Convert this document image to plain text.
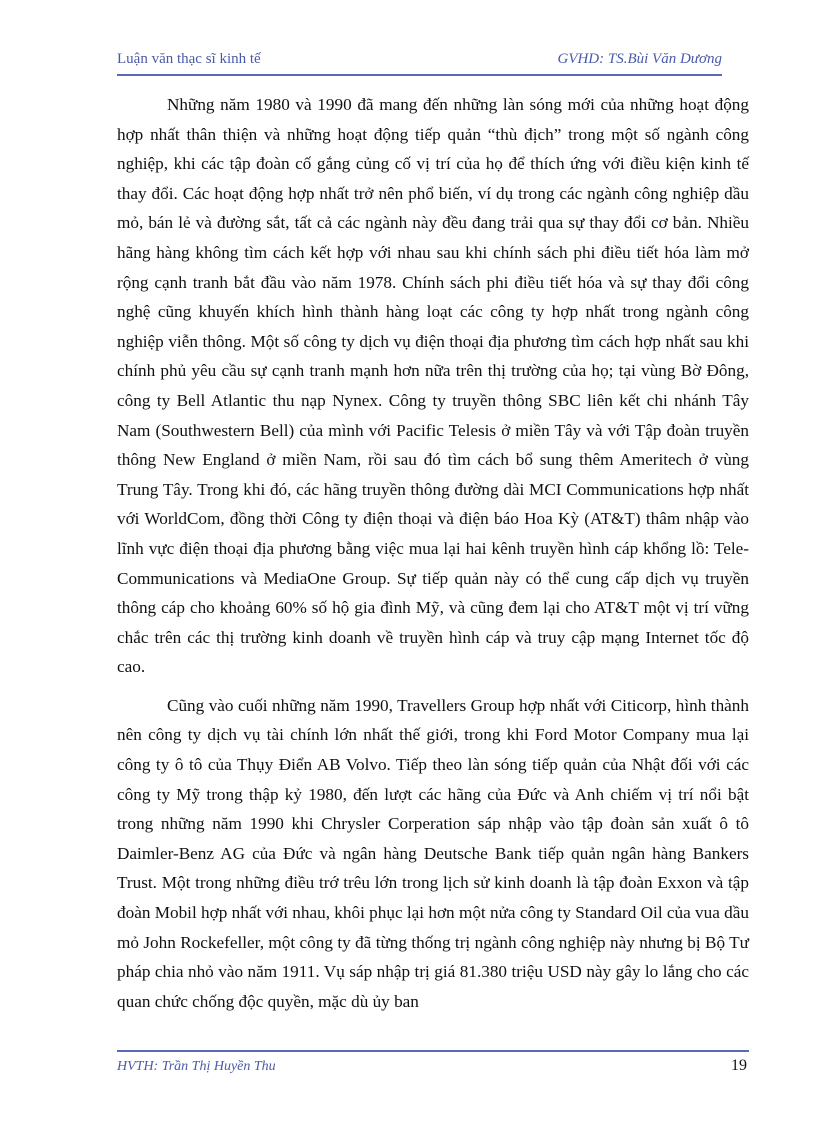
Luận văn thạc sĩ kinh tế	GVHD: TS.Bùi Văn Dương

Những năm 1980 và 1990 đã mang đến những làn sóng mới của những hoạt động hợp nhất thân thiện và những hoạt động tiếp quản “thù địch” trong một số ngành công nghiệp, khi các tập đoàn cố gắng củng cố vị trí của họ để thích ứng với điều kiện kinh tế thay đổi. Các hoạt động hợp nhất trở nên phổ biến, ví dụ trong các ngành công nghiệp dầu mỏ, bán lẻ và đường sắt, tất cả các ngành này đều đang trải qua sự thay đổi cơ bản. Nhiều hãng hàng không tìm cách kết hợp với nhau sau khi chính sách phi điều tiết hóa làm mở rộng cạnh tranh bắt đầu vào năm 1978. Chính sách phi điều tiết hóa và sự thay đổi công nghệ cũng khuyến khích hình thành hàng loạt các công ty hợp nhất trong ngành công nghiệp viễn thông. Một số công ty dịch vụ điện thoại địa phương tìm cách hợp nhất sau khi chính phủ yêu cầu sự cạnh tranh mạnh hơn nữa trên thị trường của họ; tại vùng Bờ Đông, công ty Bell Atlantic thu nạp Nynex. Công ty truyền thông SBC liên kết chi nhánh Tây Nam (Southwestern Bell) của mình với Pacific Telesis ở miền Tây và với Tập đoàn truyền thông New England ở miền Nam, rồi sau đó tìm cách bổ sung thêm Ameritech ở vùng Trung Tây. Trong khi đó, các hãng truyền thông đường dài MCI Communications hợp nhất với WorldCom, đồng thời Công ty điện thoại và điện báo Hoa Kỳ (AT&T) thâm nhập vào lĩnh vực điện thoại địa phương bằng việc mua lại hai kênh truyền hình cáp khổng lồ: Tele-Communications và MediaOne Group. Sự tiếp quản này có thể cung cấp dịch vụ truyền thông cáp cho khoảng 60% số hộ gia đình Mỹ, và cũng đem lại cho AT&T một vị trí vững chắc trên các thị trường kinh doanh về truyền hình cáp và truy cập mạng Internet tốc độ cao.

Cũng vào cuối những năm 1990, Travellers Group hợp nhất với Citicorp, hình thành nên công ty dịch vụ tài chính lớn nhất thế giới, trong khi Ford Motor Company mua lại công ty ô tô của Thụy Điển AB Volvo. Tiếp theo làn sóng tiếp quản của Nhật đối với các công ty Mỹ trong thập kỷ 1980, đến lượt các hãng của Đức và Anh chiếm vị trí nổi bật trong những năm 1990 khi Chrysler Corperation sáp nhập vào tập đoàn sản xuất ô tô Daimler-Benz AG của Đức và ngân hàng Deutsche Bank tiếp quản ngân hàng Bankers Trust. Một trong những điều trớ trêu lớn trong lịch sử kinh doanh là tập đoàn Exxon và tập đoàn Mobil hợp nhất với nhau, khôi phục lại hơn một nửa công ty Standard Oil của vua dầu mỏ John Rockefeller, một công ty đã từng thống trị ngành công nghiệp này nhưng bị Bộ Tư pháp chia nhỏ vào năm 1911. Vụ sáp nhập trị giá 81.380 triệu USD này gây lo lắng cho các quan chức chống độc quyền, mặc dù ủy ban

HVTH: Trần Thị Huyền Thu	19
